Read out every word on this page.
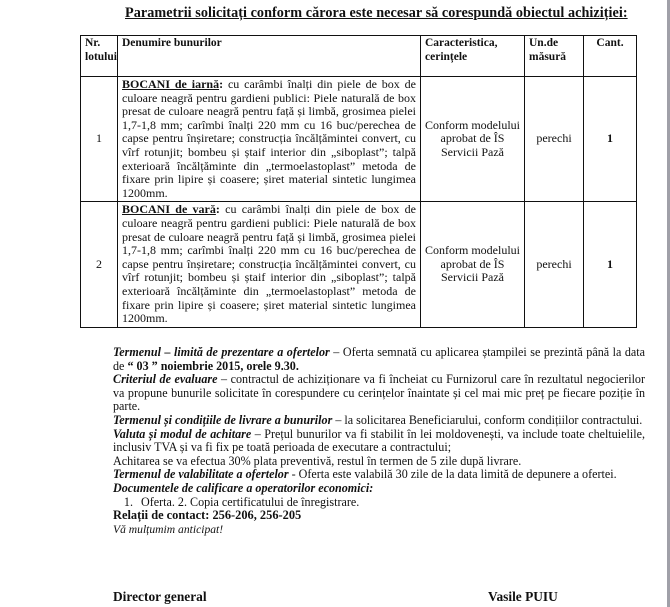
Parametrii solicitați conform cărora este necesar să corespundă obiectul achiziției:
Nr. lotului	Denumire bunurilor	Caracteristica, cerințele	Un.de măsură	Cant.
1	BOCANI de iarnă: cu carâmbi înalți din piele de box de culoare neagră pentru gardieni publici: Piele naturală de box presat de culoare neagră pentru față și limbă, grosimea pielei 1,7-1,8 mm; carîmbi înalți 220 mm cu 16 buc/perechea de capse pentru înșiretare; construcția încălțămintei convert, cu vîrf rotunjit; bombeu și ștaif interior din „siboplast”; talpă exterioară încălțăminte din „termoelastoplast” metoda de fixare prin lipire și coasere; șiret material sintetic lungimea 1200mm.	Conform modelului aprobat de ÎS Servicii Pază	perechi	1
2	BOCANI de vară: cu carâmbi înalți din piele de box de culoare neagră pentru gardieni publici: Piele naturală de box presat de culoare neagră pentru față și limbă, grosimea pielei 1,7-1,8 mm; carîmbi înalți 220 mm cu 16 buc/perechea de capse pentru înșiretare; construcția încălțămintei convert, cu vîrf rotunjit; bombeu și ștaif interior din „siboplast”; talpă exterioară încălțăminte din „termoelastoplast” metoda de fixare prin lipire și coasere; șiret material sintetic lungimea 1200mm.	Conform modelului aprobat de ÎS Servicii Pază	perechi	1

Termenul – limită de prezentare a ofertelor – Oferta semnată cu aplicarea ștampilei se prezintă până la data de “ 03 ” noiembrie 2015, orele 9.30.

Criteriul de evaluare – contractul de achiziționare va fi încheiat cu Furnizorul care în rezultatul negocierilor va propune bunurile solicitate în corespundere cu cerințelor înaintate și cel mai mic preț pe fiecare poziție în parte.

Termenul și condițiile de livrare a bunurilor – la solicitarea Beneficiarului, conform condițiilor contractului.

Valuta și modul de achitare – Prețul bunurilor va fi stabilit în lei moldovenești, va include toate cheltuielile, inclusiv TVA și va fi fix pe toată perioada de executare a contractului;

Achitarea se va efectua 30% plata preventivă, restul în termen de 5 zile după livrare.

Termenul de valabilitate a ofertelor - Oferta este valabilă 30 zile de la data limită de depunere a ofertei.

Documentele de calificare a operatorilor economici:

1. Oferta. 2. Copia certificatului de înregistrare.

Relații de contact: 256-206, 256-205

Vă mulțumim anticipat!

Director general	Vasile PUIU
